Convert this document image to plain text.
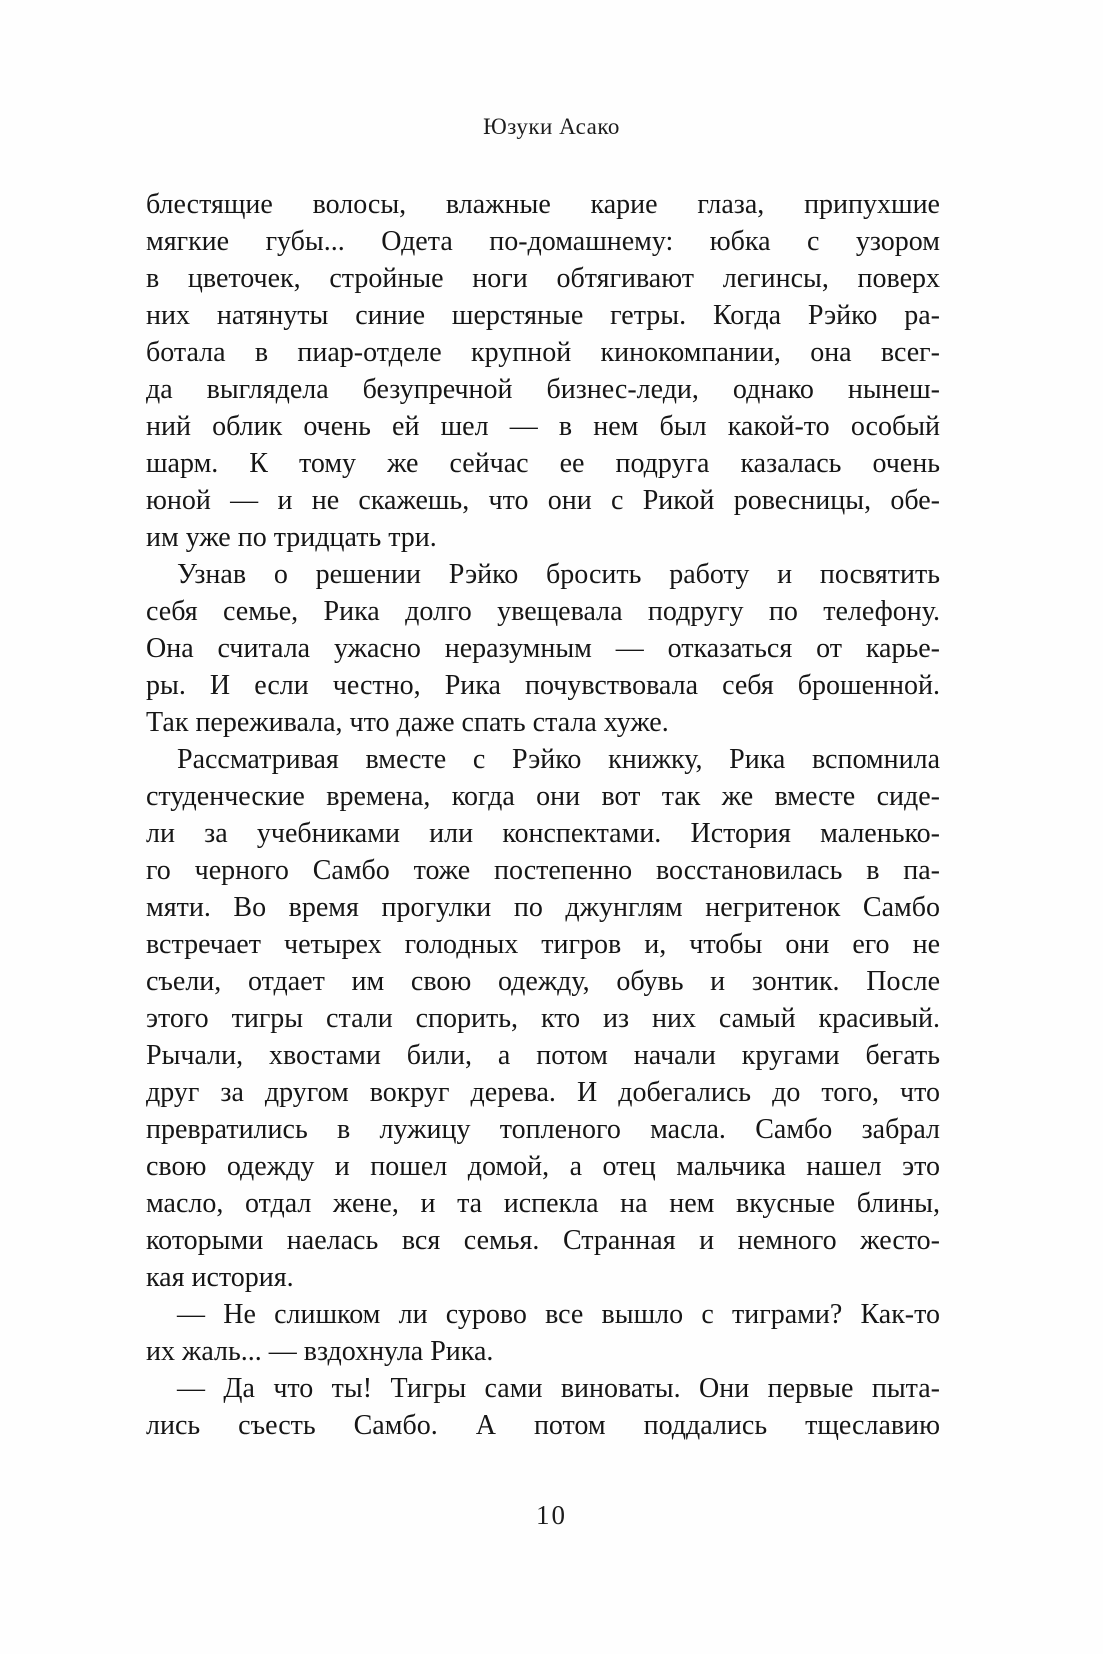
Юзуки Асако
блестящие волосы, влажные карие глаза, припухшие
мягкие губы... Одета по-домашнему: юбка с узором
в цветочек, стройные ноги обтягивают легинсы, поверх
них натянуты синие шерстяные гетры. Когда Рэйко ра-
ботала в пиар-отделе крупной кинокомпании, она всег-
да выглядела безупречной бизнес-леди, однако нынеш-
ний облик очень ей шел — в нем был какой-то особый
шарм. К тому же сейчас ее подруга казалась очень
юной — и не скажешь, что они с Рикой ровесницы, обе-
им уже по тридцать три.
Узнав о решении Рэйко бросить работу и посвятить
себя семье, Рика долго увещевала подругу по телефону.
Она считала ужасно неразумным — отказаться от карье-
ры. И если честно, Рика почувствовала себя брошенной.
Так переживала, что даже спать стала хуже.
Рассматривая вместе с Рэйко книжку, Рика вспомнила
студенческие времена, когда они вот так же вместе сиде-
ли за учебниками или конспектами. История маленько-
го черного Самбо тоже постепенно восстановилась в па-
мяти. Во время прогулки по джунглям негритенок Самбо
встречает четырех голодных тигров и, чтобы они его не
съели, отдает им свою одежду, обувь и зонтик. После
этого тигры стали спорить, кто из них самый красивый.
Рычали, хвостами били, а потом начали кругами бегать
друг за другом вокруг дерева. И добегались до того, что
превратились в лужицу топленого масла. Самбо забрал
свою одежду и пошел домой, а отец мальчика нашел это
масло, отдал жене, и та испекла на нем вкусные блины,
которыми наелась вся семья. Странная и немного жесто-
кая история.
— Не слишком ли сурово все вышло с тиграми? Как-то
их жаль... — вздохнула Рика.
— Да что ты! Тигры сами виноваты. Они первые пыта-
лись съесть Самбо. А потом поддались тщеславию
10
